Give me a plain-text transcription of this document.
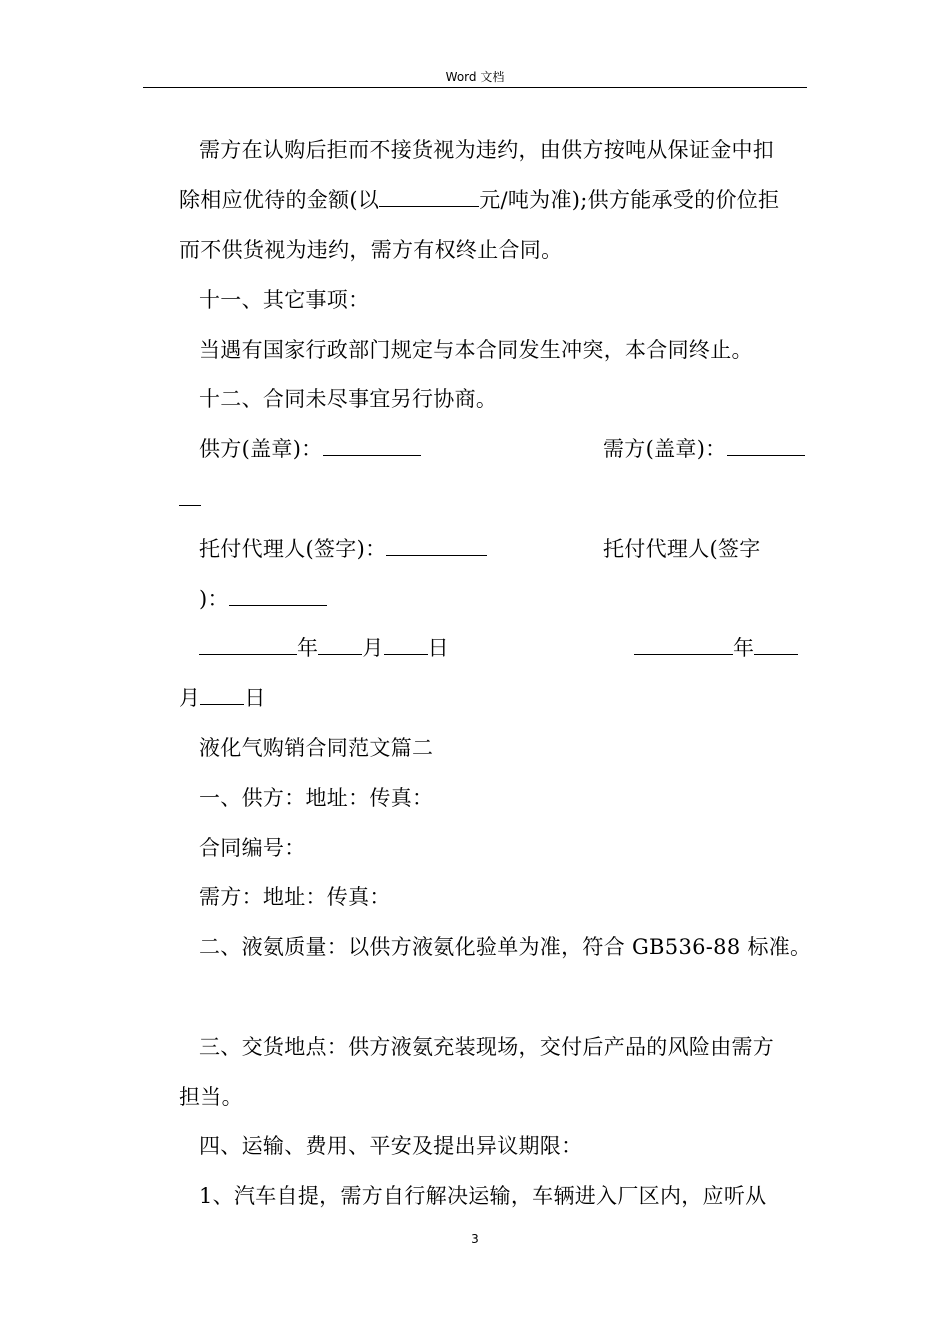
Word 文档
需方在认购后拒而不接货视为违约，由供方按吨从保证金中扣
除相应优待的金额(以	元/吨为准);供方能承受的价位拒
而不供货视为违约，需方有权终止合同。
十一、其它事项：
当遇有国家行政部门规定与本合同发生冲突，本合同终止。
十二、合同未尽事宜另行协商。
供方(盖章)：	需方(盖章)：
托付代理人(签字)：	托付代理人(签字
)：
年 月 日	年
月 日
液化气购销合同范文篇二
一、供方：地址：传真：
合同编号：
需方：地址：传真：
二、液氨质量：以供方液氨化验单为准，符合 GB536-88 标准。
三、交货地点：供方液氨充装现场，交付后产品的风险由需方
担当。
四、运输、费用、平安及提出异议期限：
1、汽车自提，需方自行解决运输，车辆进入厂区内，应听从
3
